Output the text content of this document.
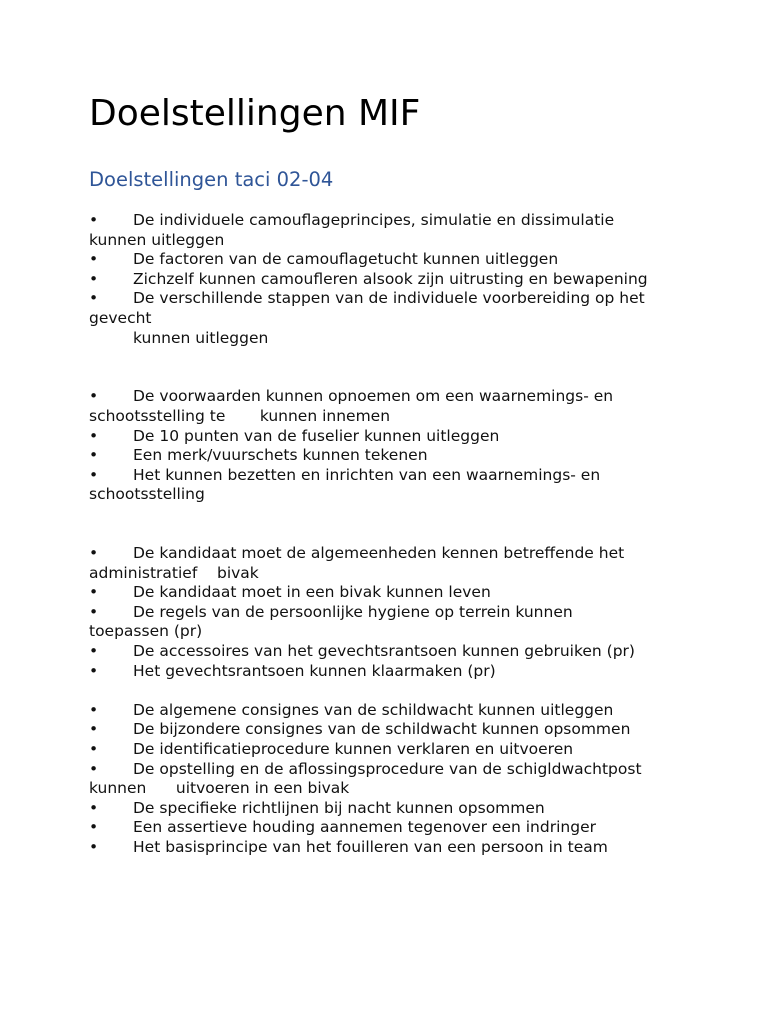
Doelstellingen MIF
Doelstellingen taci 02-04
• De individuele camouflageprincipes, simulatie en dissimulatie
kunnen uitleggen
• De factoren van de camouflagetucht kunnen uitleggen
• Zichzelf kunnen camoufleren alsook zijn uitrusting en bewapening
• De verschillende stappen van de individuele voorbereiding op het
gevecht
kunnen uitleggen
• De voorwaarden kunnen opnoemen om een waarnemings- en
schootsstelling te       kunnen innemen
• De 10 punten van de fuselier kunnen uitleggen
• Een merk/vuurschets kunnen tekenen
• Het kunnen bezetten en inrichten van een waarnemings- en
schootsstelling
• De kandidaat moet de algemeenheden kennen betreffende het
administratief    bivak
• De kandidaat moet in een bivak kunnen leven
• De regels van de persoonlijke hygiene op terrein kunnen
toepassen (pr)
• De accessoires van het gevechtsrantsoen kunnen gebruiken (pr)
• Het gevechtsrantsoen kunnen klaarmaken (pr)
• De algemene consignes van de schildwacht kunnen uitleggen
• De bijzondere consignes van de schildwacht kunnen opsommen
• De identificatieprocedure kunnen verklaren en uitvoeren
• De opstelling en de aflossingsprocedure van de schigldwachtpost
kunnen      uitvoeren in een bivak
• De specifieke richtlijnen bij nacht kunnen opsommen
• Een assertieve houding aannemen tegenover een indringer
• Het basisprincipe van het fouilleren van een persoon in team
